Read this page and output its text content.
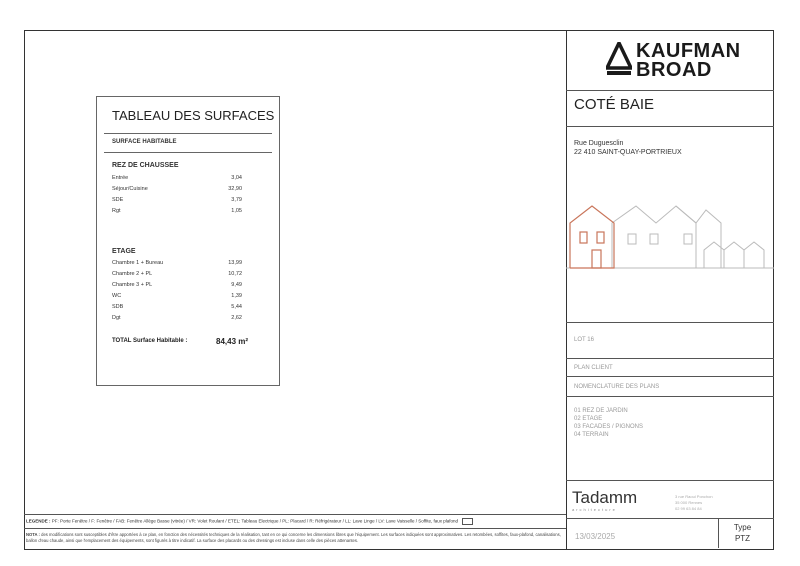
KAUFMAN
BROAD
COTÉ BAIE
Rue Duguesclin
22 410 SAINT-QUAY-PORTRIEUX
LOT 16
PLAN CLIENT
NOMENCLATURE DES PLANS
01 REZ DE JARDIN
02 ETAGE
03 FACADES / PIGNONS
04 TERRAIN
Tadamm
architecture
3 rue Raoul Ponchon
35 000 Rennes
02 99 63 84 84
13/03/2025
Type
PTZ
TABLEAU DES SURFACES
SURFACE HABITABLE
REZ DE CHAUSSEE
Entrée	3,04
Séjour/Cuisine	32,90
SDE	3,79
Rgt	1,05
ETAGE
Chambre 1 + Bureau	13,99
Chambre 2 + PL	10,72
Chambre 3 + PL	9,49
WC	1,39
SDB	5,44
Dgt	2,62
TOTAL Surface Habitable :	84,43 m²
LEGENDE : PF: Porte Fenêtre / F: Fenêtre / FAB: Fenêtre Allège Basse (vitrée) / VR: Volet Roulant / ETEL: Tableau Electrique / PL: Placard / R: Réfrigérateur / LL: Lave Linge / LV: Lave Vaisselle / Soffite, faux plafond
NOTA : des modifications sont susceptibles d'être apportées à ce plan, en fonction des nécessités techniques de la réalisation, tant en ce qui concerne les dimensions libres que l'équipement. Les surfaces indiquées sont approximatives. Les retombées, soffites, faux-plafond, canalisations, ballon d'eau chaude, ainsi que l'emplacement des équipements, sont figurés à titre indicatif. La surface des placards ou des dressings est incluse dans celle des pièces attenantes.
